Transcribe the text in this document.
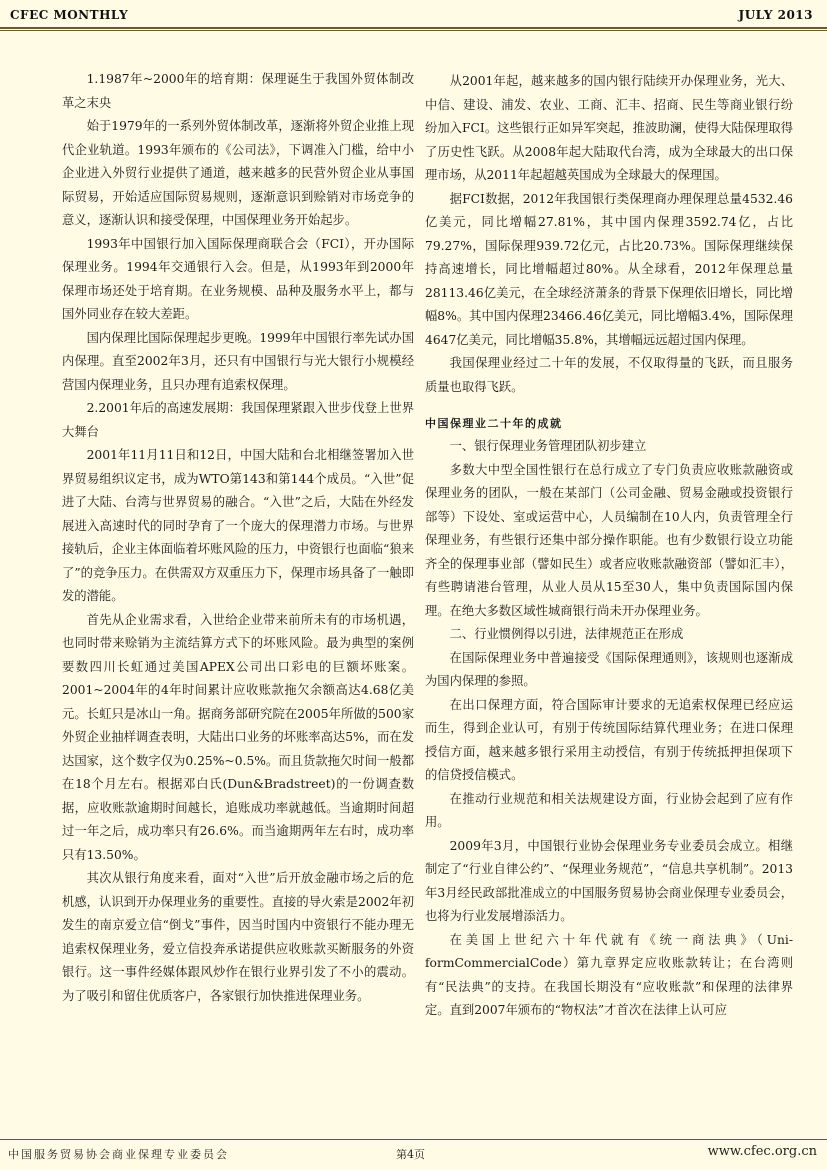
CFEC MONTHLY	JULY 2013

1.1987年~2000年的培育期：保理诞生于我国外贸体制改革之末央

始于1979年的一系列外贸体制改革，逐渐将外贸企业推上现代企业轨道。1993年颁布的《公司法》，下调准入门槛，给中小企业进入外贸行业提供了通道，越来越多的民营外贸企业从事国际贸易，开始适应国际贸易规则，逐渐意识到赊销对市场竞争的意义，逐渐认识和接受保理，中国保理业务开始起步。

1993年中国银行加入国际保理商联合会（FCI），开办国际保理业务。1994年交通银行入会。但是，从1993年到2000年保理市场还处于培育期。在业务规模、品种及服务水平上，都与国外同业存在较大差距。

国内保理比国际保理起步更晚。1999年中国银行率先试办国内保理。直至2002年3月，还只有中国银行与光大银行小规模经营国内保理业务，且只办理有追索权保理。

2.2001年后的高速发展期：我国保理紧跟入世步伐登上世界大舞台

2001年11月11日和12日，中国大陆和台北相继签署加入世界贸易组织议定书，成为WTO第143和第144个成员。“入世”促进了大陆、台湾与世界贸易的融合。“入世”之后，大陆在外经发展进入高速时代的同时孕育了一个庞大的保理潜力市场。与世界接轨后，企业主体面临着坏账风险的压力，中资银行也面临“狼来了”的竞争压力。在供需双方双重压力下，保理市场具备了一触即发的潜能。

首先从企业需求看，入世给企业带来前所未有的市场机遇，也同时带来赊销为主流结算方式下的坏账风险。最为典型的案例要数四川长虹通过美国APEX公司出口彩电的巨额坏账案。2001~2004年的4年时间累计应收账款拖欠余额高达4.68亿美元。长虹只是冰山一角。据商务部研究院在2005年所做的500家外贸企业抽样调查表明，大陆出口业务的坏账率高达5%，而在发达国家，这个数字仅为0.25%~0.5%。而且货款拖欠时间一般都在18个月左右。根据邓白氏(Dun&Bradstreet)的一份调查数据，应收账款逾期时间越长，追账成功率就越低。当逾期时间超过一年之后，成功率只有26.6%。而当逾期两年左右时，成功率只有13.50%。

其次从银行角度来看，面对“入世”后开放金融市场之后的危机感，认识到开办保理业务的重要性。直接的导火索是2002年初发生的南京爱立信“倒戈”事件，因当时国内中资银行不能办理无追索权保理业务，爱立信投奔承诺提供应收账款买断服务的外资银行。这一事件经媒体跟风炒作在银行业界引发了不小的震动。为了吸引和留住优质客户，各家银行加快推进保理业务。

从2001年起，越来越多的国内银行陆续开办保理业务，光大、中信、建设、浦发、农业、工商、汇丰、招商、民生等商业银行纷纷加入FCI。这些银行正如异军突起，推波助澜，使得大陆保理取得了历史性飞跃。从2008年起大陆取代台湾，成为全球最大的出口保理市场，从2011年起超越英国成为全球最大的保理国。

据FCI数据，2012年我国银行类保理商办理保理总量4532.46亿美元，同比增幅27.81%，其中国内保理3592.74亿，占比79.27%，国际保理939.72亿元，占比20.73%。国际保理继续保持高速增长，同比增幅超过80%。从全球看，2012年保理总量28113.46亿美元，在全球经济萧条的背景下保理依旧增长，同比增幅8%。其中国内保理23466.46亿美元，同比增幅3.4%，国际保理4647亿美元，同比增幅35.8%，其增幅远远超过国内保理。

我国保理业经过二十年的发展，不仅取得量的飞跃，而且服务质量也取得飞跃。

中国保理业二十年的成就

一、银行保理业务管理团队初步建立

多数大中型全国性银行在总行成立了专门负责应收账款融资或保理业务的团队，一般在某部门（公司金融、贸易金融或投资银行部等）下设处、室或运营中心，人员编制在10人内，负责管理全行保理业务，有些银行还集中部分操作职能。也有少数银行设立功能齐全的保理事业部（譬如民生）或者应收账款融资部（譬如汇丰），有些聘请港台管理，从业人员从15至30人，集中负责国际国内保理。在绝大多数区域性城商银行尚未开办保理业务。

二、行业惯例得以引进，法律规范正在形成

在国际保理业务中普遍接受《国际保理通则》，该规则也逐渐成为国内保理的参照。

在出口保理方面，符合国际审计要求的无追索权保理已经应运而生，得到企业认可，有别于传统国际结算代理业务；在进口保理授信方面，越来越多银行采用主动授信，有别于传统抵押担保项下的信贷授信模式。

在推动行业规范和相关法规建设方面，行业协会起到了应有作用。

2009年3月，中国银行业协会保理业务专业委员会成立。相继制定了“行业自律公约”、“保理业务规范”，“信息共享机制”。2013年3月经民政部批准成立的中国服务贸易协会商业保理专业委员会，也将为行业发展增添活力。

在美国上世纪六十年代就有《统一商法典》（Uni-formCommercialCode）第九章界定应收账款转让；在台湾则有“民法典”的支持。在我国长期没有“应收账款”和保理的法律界定。直到2007年颁布的“物权法”才首次在法律上认可应

中国服务贸易协会商业保理专业委员会	第4页	www.cfec.org.cn
